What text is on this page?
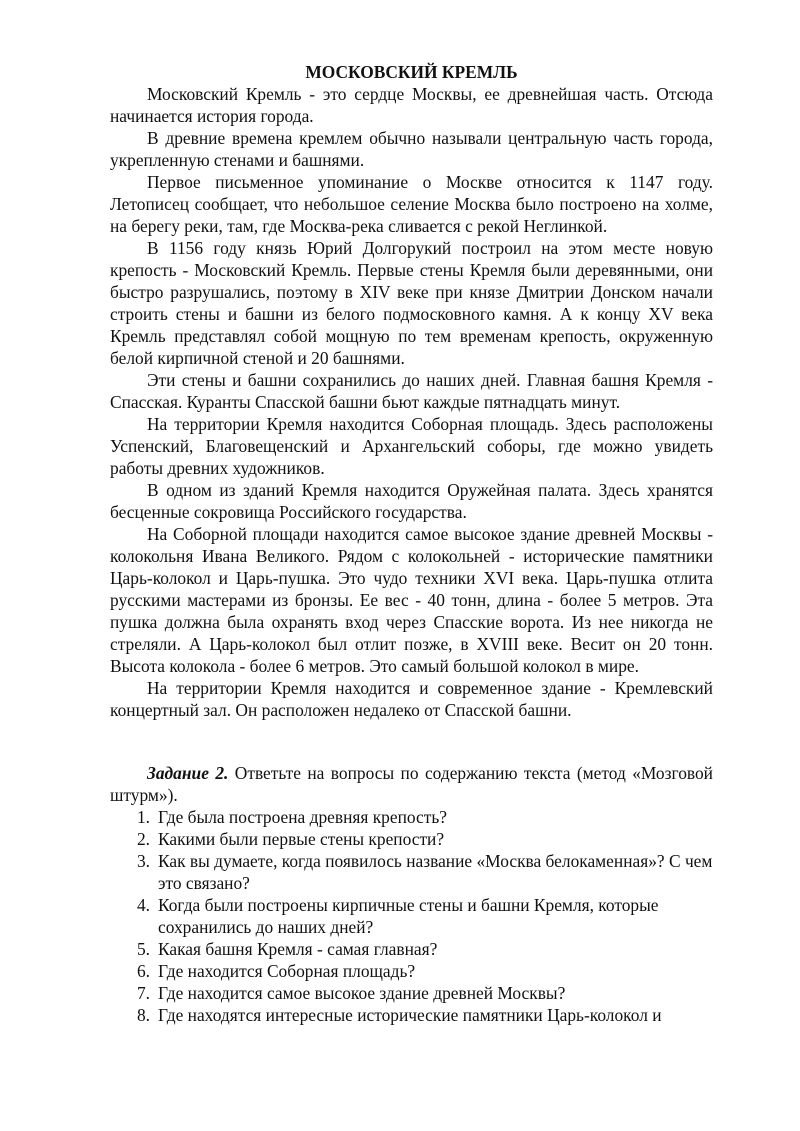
МОСКОВСКИЙ КРЕМЛЬ

Московский Кремль - это сердце Москвы, ее древнейшая часть. Отсюда начинается история города.

В древние времена кремлем обычно называли центральную часть города, укрепленную стенами и башнями.

Первое письменное упоминание о Москве относится к 1147 году. Летописец сообщает, что небольшое селение Москва было построено на холме, на берегу реки, там, где Москва-река сливается с рекой Неглинкой.

В 1156 году князь Юрий Долгорукий построил на этом месте новую крепость - Московский Кремль. Первые стены Кремля были деревянными, они быстро разрушались, поэтому в XIV веке при князе Дмитрии Донском начали строить стены и башни из белого подмосковного камня. А к концу XV века Кремль представлял собой мощную по тем временам крепость, окруженную белой кирпичной стеной и 20 башнями.

Эти стены и башни сохранились до наших дней. Главная башня Кремля - Спасская. Куранты Спасской башни бьют каждые пятнадцать минут.

На территории Кремля находится Соборная площадь. Здесь расположены Успенский, Благовещенский и Архангельский соборы, где можно увидеть работы древних художников.

В одном из зданий Кремля находится Оружейная палата. Здесь хранятся бесценные сокровища Российского государства.

На Соборной площади находится самое высокое здание древней Москвы - колокольня Ивана Великого. Рядом с колокольней - исторические памятники Царь-колокол и Царь-пушка. Это чудо техники XVI века. Царь-пушка отлита русскими мастерами из бронзы. Ее вес - 40 тонн, длина - более 5 метров. Эта пушка должна была охранять вход через Спасские ворота. Из нее никогда не стреляли. А Царь-колокол был отлит позже, в XVIII веке. Весит он 20 тонн. Высота колокола - более 6 метров. Это самый большой колокол в мире.

На территории Кремля находится и современное здание - Кремлевский концертный зал. Он расположен недалеко от Спасской башни.

Задание 2. Ответьте на вопросы по содержанию текста (метод «Мозговой штурм»).

1. Где была построена древняя крепость?
2. Какими были первые стены крепости?
3. Как вы думаете, когда появилось название «Москва белокаменная»? С чем это связано?
4. Когда были построены кирпичные стены и башни Кремля, которые сохранились до наших дней?
5. Какая башня Кремля - самая главная?
6. Где находится Соборная площадь?
7. Где находится самое высокое здание древней Москвы?
8. Где находятся интересные исторические памятники Царь-колокол и
